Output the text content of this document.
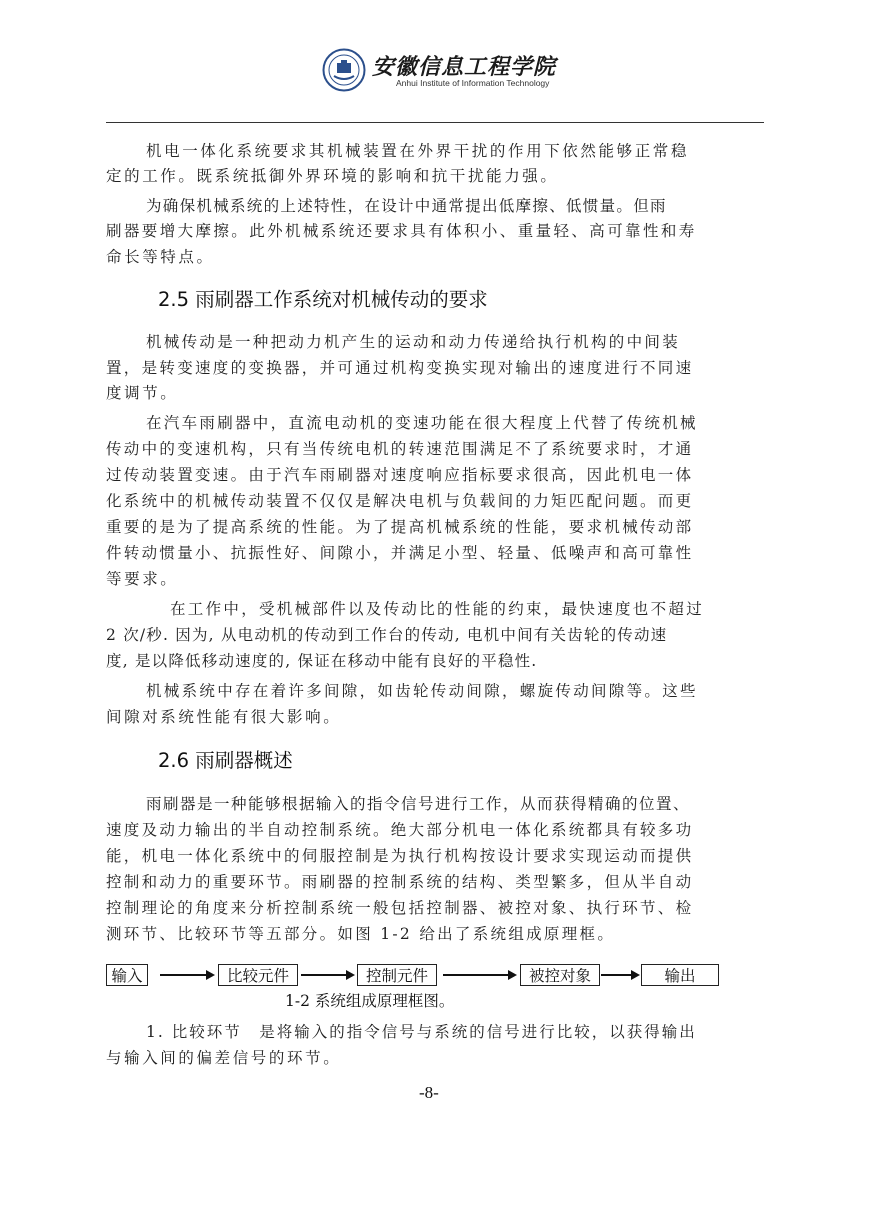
安徽信息工程学院
Anhui Institute of Information Technology
机电一体化系统要求其机械装置在外界干扰的作用下依然能够正常稳
定的工作。既系统抵御外界环境的影响和抗干扰能力强。
为确保机械系统的上述特性，在设计中通常提出低摩擦、低惯量。但雨
刷器要增大摩擦。此外机械系统还要求具有体积小、重量轻、高可靠性和寿
命长等特点。
2.5 雨刷器工作系统对机械传动的要求
机械传动是一种把动力机产生的运动和动力传递给执行机构的中间装
置，是转变速度的变换器，并可通过机构变换实现对输出的速度进行不同速
度调节。
在汽车雨刷器中，直流电动机的变速功能在很大程度上代替了传统机械
传动中的变速机构，只有当传统电机的转速范围满足不了系统要求时，才通
过传动装置变速。由于汽车雨刷器对速度响应指标要求很高，因此机电一体
化系统中的机械传动装置不仅仅是解决电机与负载间的力矩匹配问题。而更
重要的是为了提高系统的性能。为了提高机械系统的性能，要求机械传动部
件转动惯量小、抗振性好、间隙小，并满足小型、轻量、低噪声和高可靠性
等要求。
在工作中，受机械部件以及传动比的性能的约束，最快速度也不超过
2 次/秒. 因为, 从电动机的传动到工作台的传动, 电机中间有关齿轮的传动速
度, 是以降低移动速度的, 保证在移动中能有良好的平稳性.
机械系统中存在着许多间隙，如齿轮传动间隙，螺旋传动间隙等。这些
间隙对系统性能有很大影响。
2.6 雨刷器概述
雨刷器是一种能够根据输入的指令信号进行工作，从而获得精确的位置、
速度及动力输出的半自动控制系统。绝大部分机电一体化系统都具有较多功
能，机电一体化系统中的伺服控制是为执行机构按设计要求实现运动而提供
控制和动力的重要环节。雨刷器的控制系统的结构、类型繁多，但从半自动
控制理论的角度来分析控制系统一般包括控制器、被控对象、执行环节、检
测环节、比较环节等五部分。如图 1-2 给出了系统组成原理框。
输入	比较元件	控制元件	被控对象	输出
1-2 系统组成原理框图。
1. 比较环节　是将输入的指令信号与系统的信号进行比较，以获得输出
与输入间的偏差信号的环节。
-8-
